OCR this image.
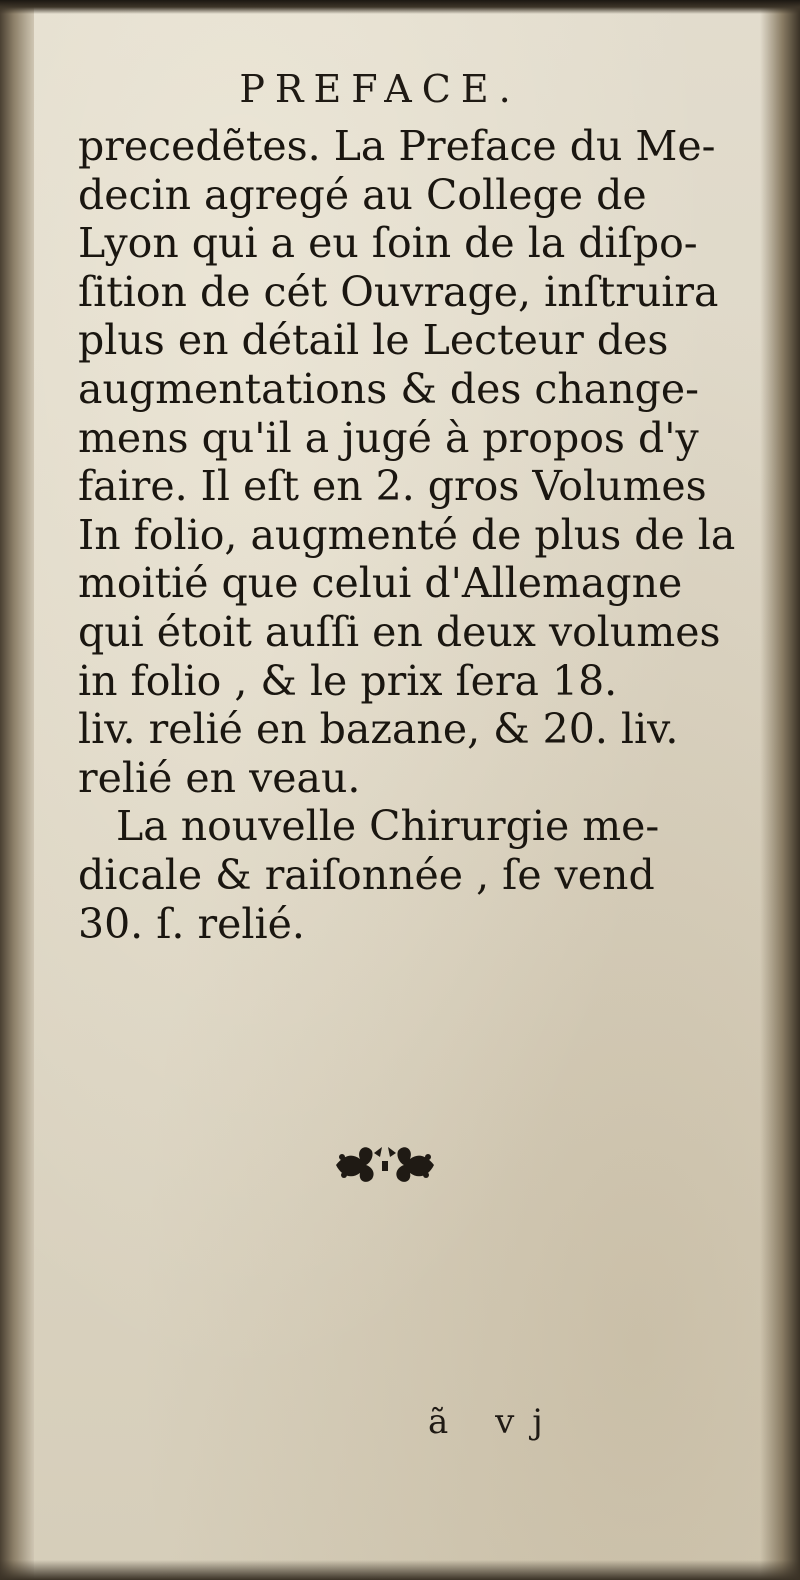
PREFACE.
precedẽtes. La Preface du Me-
decin agregé au College de
Lyon qui a eu ſoin de la diſpo-
ſition de cét Ouvrage, inſtruira
plus en détail le Lecteur des
augmentations & des change-
mens qu'il a jugé à propos d'y
faire. Il eſt en 2. gros Volumes
In folio, augmenté de plus de la
moitié que celui d'Allemagne
qui étoit auſſi en deux volumes
in folio , & le prix ſera 18.
liv. relié en bazane, & 20. liv.
relié en veau.
La nouvelle Chirurgie me-
dicale & raiſonnée , ſe vend
30. ſ. relié.
ã vj
